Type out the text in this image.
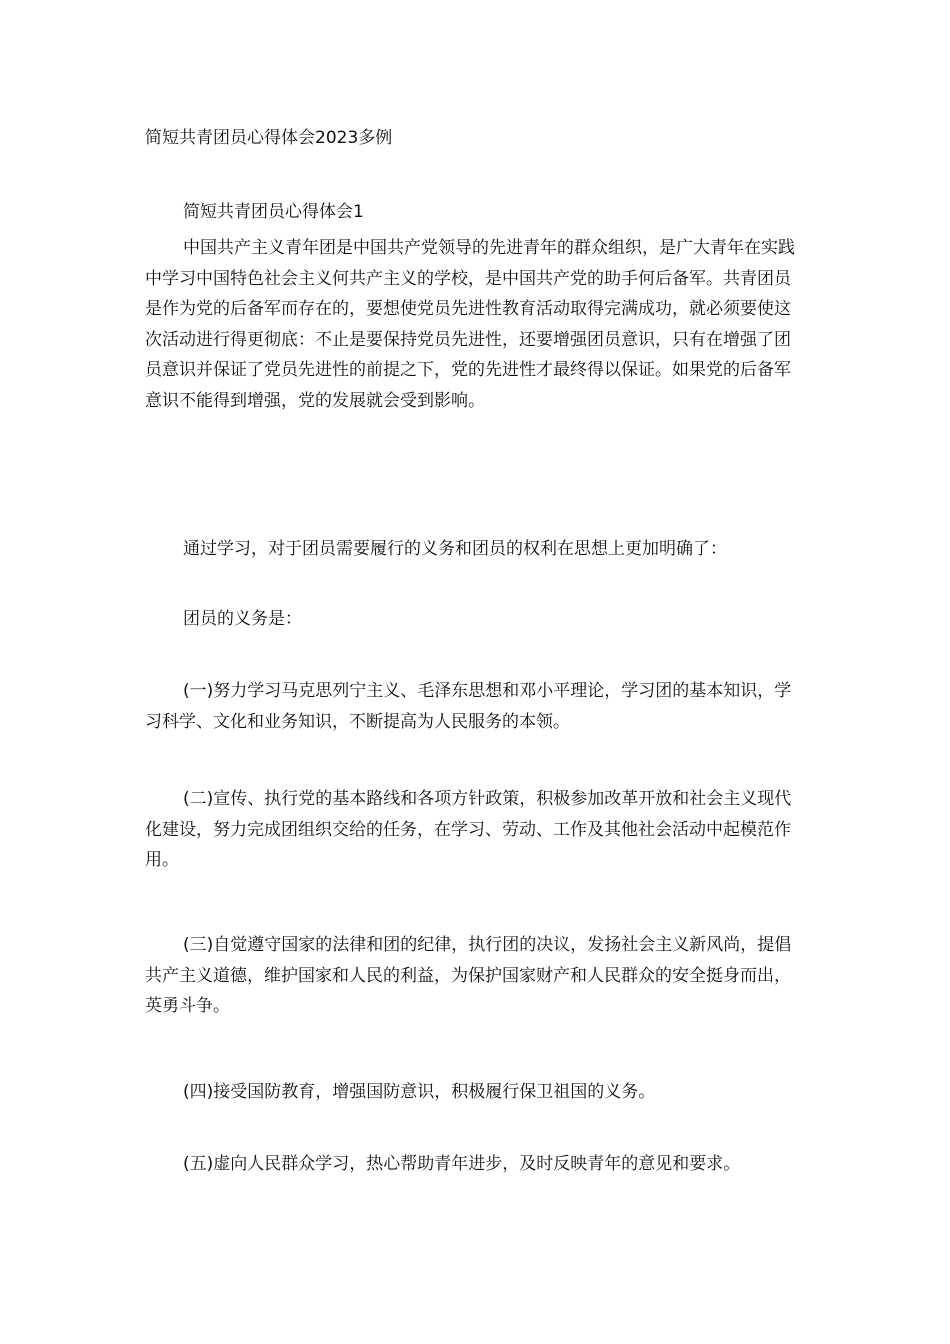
简短共青团员心得体会2023多例
简短共青团员心得体会1

中国共产主义青年团是中国共产党领导的先进青年的群众组织，是广大青年在实践中学习中国特色社会主义何共产主义的学校，是中国共产党的助手何后备军。共青团员是作为党的后备军而存在的，要想使党员先进性教育活动取得完满成功，就必须要使这次活动进行得更彻底：不止是要保持党员先进性，还要增强团员意识，只有在增强了团员意识并保证了党员先进性的前提之下，党的先进性才最终得以保证。如果党的后备军意识不能得到增强，党的发展就会受到影响。

通过学习，对于团员需要履行的义务和团员的权利在思想上更加明确了：
团员的义务是：

(一)努力学习马克思列宁主义、毛泽东思想和邓小平理论，学习团的基本知识，学习科学、文化和业务知识，不断提高为人民服务的本领。

(二)宣传、执行党的基本路线和各项方针政策，积极参加改革开放和社会主义现代化建设，努力完成团组织交给的任务，在学习、劳动、工作及其他社会活动中起模范作用。

(三)自觉遵守国家的法律和团的纪律，执行团的决议，发扬社会主义新风尚，提倡共产主义道德，维护国家和人民的利益，为保护国家财产和人民群众的安全挺身而出，英勇斗争。

(四)接受国防教育，增强国防意识，积极履行保卫祖国的义务。
(五)虚向人民群众学习，热心帮助青年进步，及时反映青年的意见和要求。
